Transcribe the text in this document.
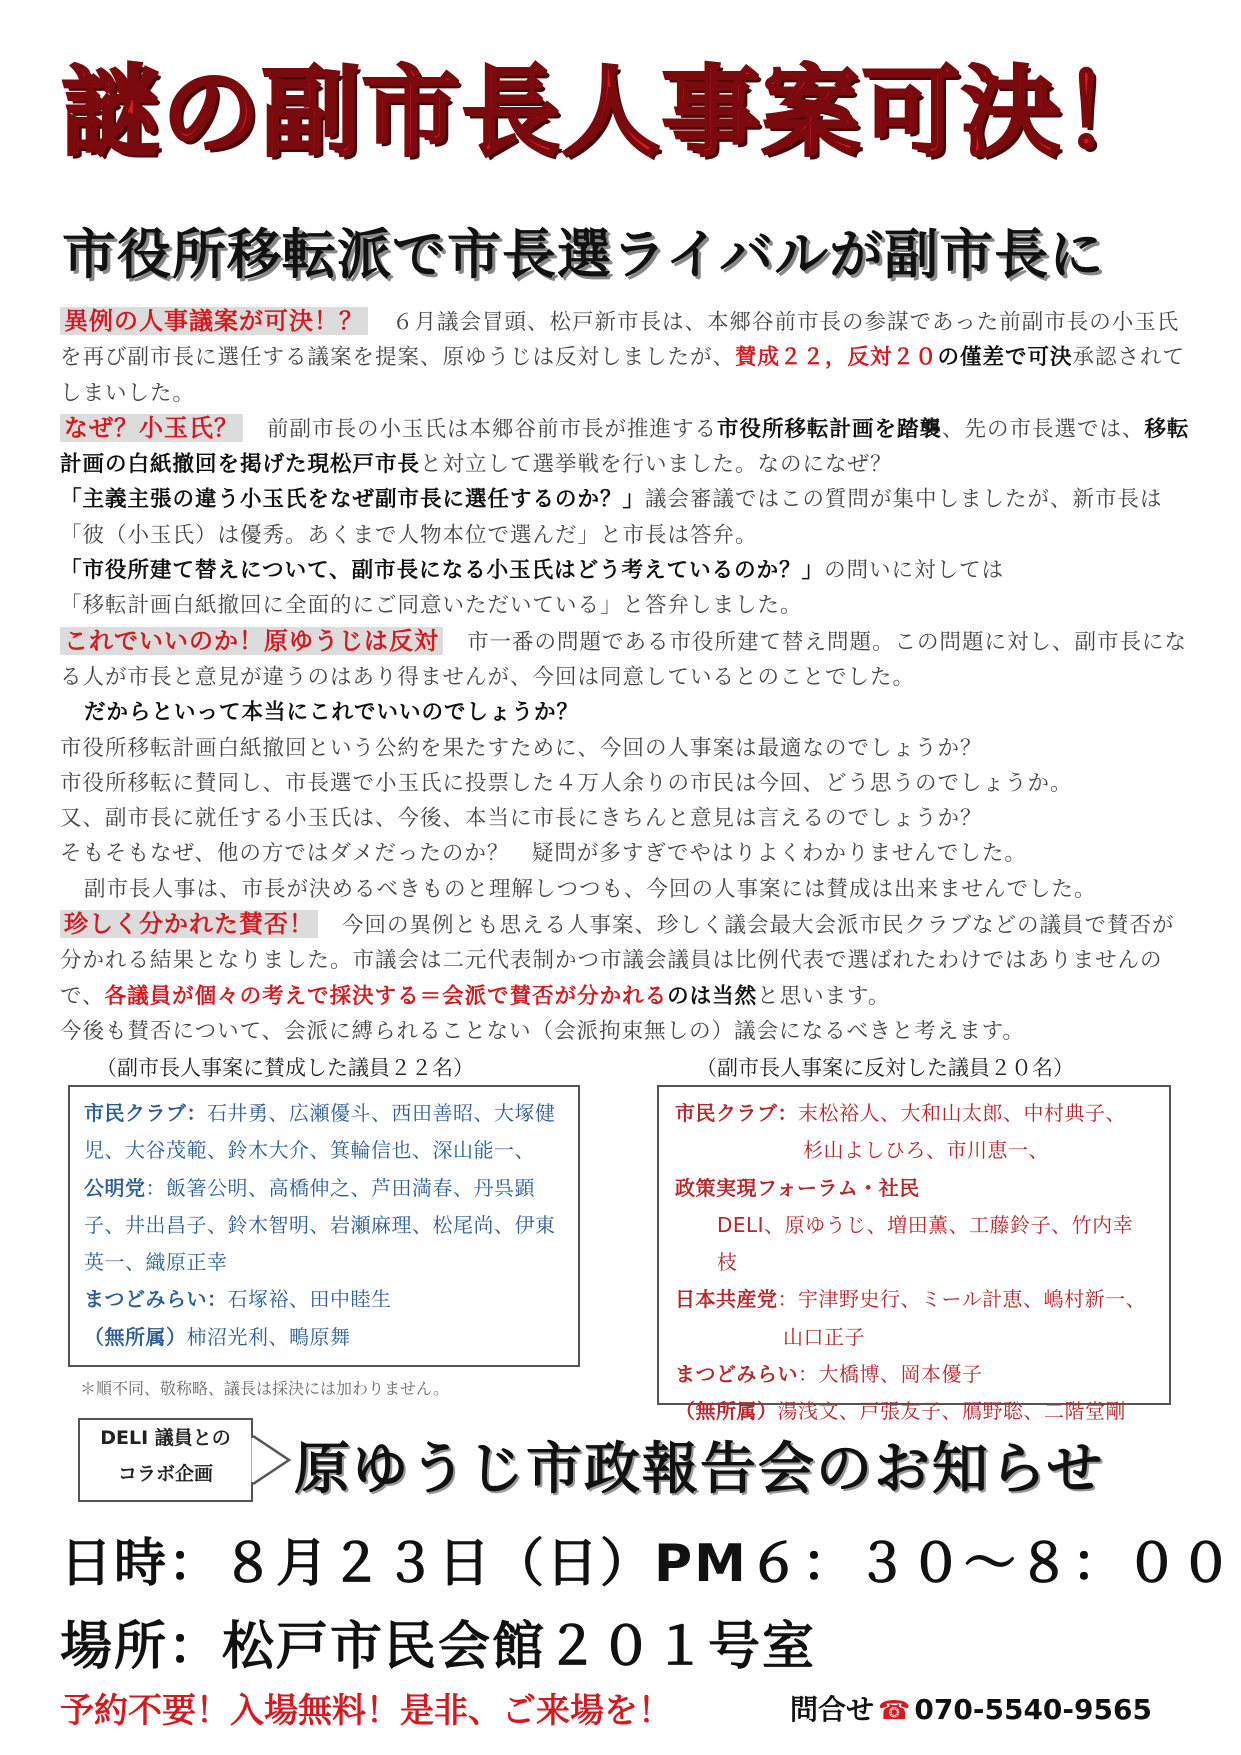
謎の副市長人事案可決！
市役所移転派で市長選ライバルが副市長に

異例の人事議案が可決！？ ６月議会冒頭、松戸新市長は、本郷谷前市長の参謀であった前副市長の小玉氏を再び副市長に選任する議案を提案、原ゆうじは反対しましたが、賛成２２，反対２０の僅差で可決承認されてしまいした。

なぜ？小玉氏？ 前副市長の小玉氏は本郷谷前市長が推進する市役所移転計画を踏襲、先の市長選では、移転計画の白紙撤回を掲げた現松戸市長と対立して選挙戦を行いました。なのになぜ？
「主義主張の違う小玉氏をなぜ副市長に選任するのか？」議会審議ではこの質問が集中しましたが、新市長は「彼（小玉氏）は優秀。あくまで人物本位で選んだ」と市長は答弁。
「市役所建て替えについて、副市長になる小玉氏はどう考えているのか？」の問いに対しては
「移転計画白紙撤回に全面的にご同意いただいている」と答弁しました。

これでいいのか！原ゆうじは反対 市一番の問題である市役所建て替え問題。この問題に対し、副市長になる人が市長と意見が違うのはあり得ませんが、今回は同意しているとのことでした。
だからといって本当にこれでいいのでしょうか？
市役所移転計画白紙撤回という公約を果たすために、今回の人事案は最適なのでしょうか？
市役所移転に賛同し、市長選で小玉氏に投票した４万人余りの市民は今回、どう思うのでしょうか。
又、副市長に就任する小玉氏は、今後、本当に市長にきちんと意見は言えるのでしょうか？
そもそもなぜ、他の方ではダメだったのか？　疑問が多すぎでやはりよくわかりませんでした。
副市長人事は、市長が決めるべきものと理解しつつも、今回の人事案には賛成は出来ませんでした。

珍しく分かれた賛否！ 今回の異例とも思える人事案、珍しく議会最大会派市民クラブなどの議員で賛否が分かれる結果となりました。市議会は二元代表制かつ市議会議員は比例代表で選ばれたわけではありませんので、各議員が個々の考えで採決する＝会派で賛否が分かれるのは当然と思います。
今後も賛否について、会派に縛られることない（会派拘束無しの）議会になるべきと考えます。

（副市長人事案に賛成した議員２２名）	（副市長人事案に反対した議員２０名）

市民クラブ：石井勇、広瀬優斗、西田善昭、大塚健児、大谷茂範、鈴木大介、箕輪信也、深山能一、

公明党：飯箸公明、高橋伸之、芦田満春、丹呉顕子、井出昌子、鈴木智明、岩瀬麻理、松尾尚、伊東英一、織原正幸

まつどみらい：石塚裕、田中睦生

（無所属）柿沼光利、鴫原舞

＊順不同、敬称略、議長は採決には加わりません。

市民クラブ：末松裕人、大和山太郎、中村典子、

杉山よしひろ、市川恵一、

政策実現フォーラム・社民

DELI、原ゆうじ、増田薫、工藤鈴子、竹内幸枝

日本共産党：宇津野史行、ミール計恵、嶋村新一、

山口正子

まつどみらい：大橋博、岡本優子

（無所属）湯浅文、戸張友子、鴈野聡、二階堂剛

DELI 議員との
コラボ企画	原ゆうじ市政報告会のお知らせ
日時：８月２３日（日）PM６：３０～８：００
場所：松戸市民会館２０１号室
予約不要！入場無料！是非、ご来場を！	問合せ ☎ 070-5540-9565
